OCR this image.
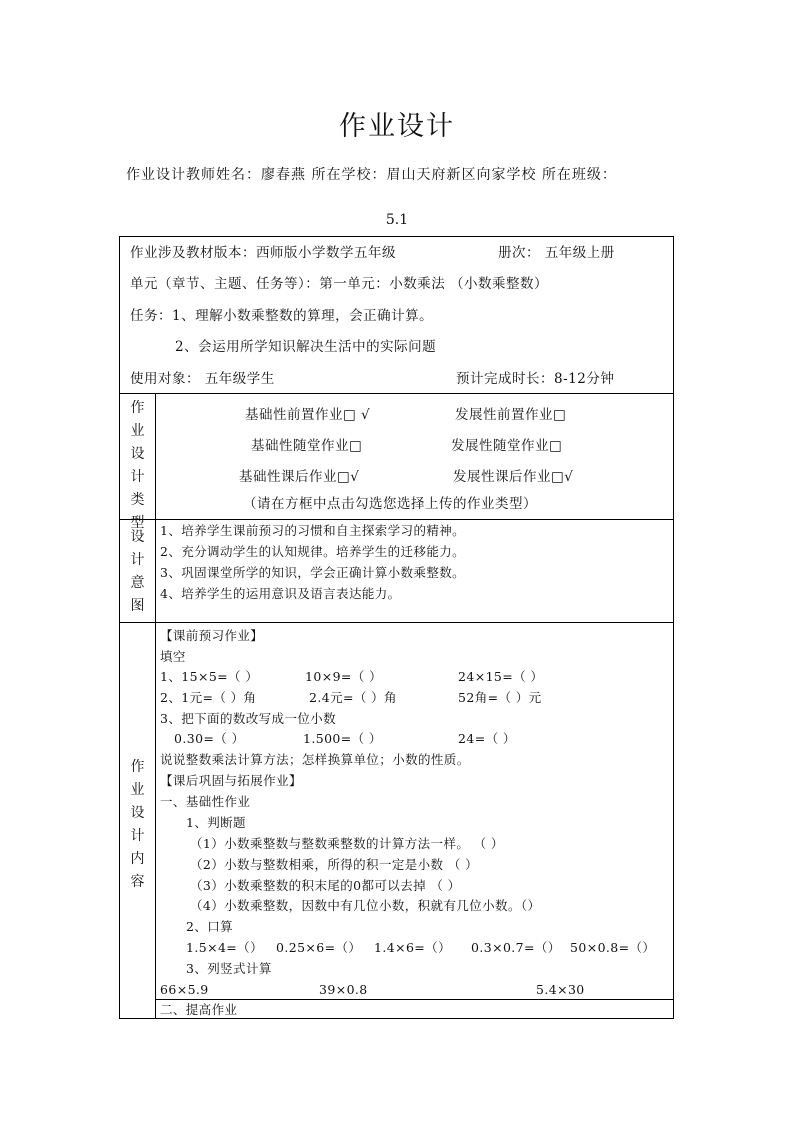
作业设计
作业设计教师姓名：廖春燕 所在学校：眉山天府新区向家学校 所在班级：
5.1
作业涉及教材版本：西师版小学数学五年级	册次： 五年级上册
单元（章节、主题、任务等）：第一单元：小数乘法 （小数乘整数）
任务：1、理解小数乘整数的算理，会正确计算。
2、会运用所学知识解决生活中的实际问题
使用对象： 五年级学生	预计完成时长：8-12分钟
作
业
设
计
类
型
基础性前置作业□ √	发展性前置作业□
基础性随堂作业□	发展性随堂作业□
基础性课后作业□√	发展性课后作业□√
（请在方框中点击勾选您选择上传的作业类型）
设
计
意
图
1、培养学生课前预习的习惯和自主探索学习的精神。
2、充分调动学生的认知规律。培养学生的迁移能力。
3、巩固课堂所学的知识，学会正确计算小数乘整数。
4、培养学生的运用意识及语言表达能力。
作
业
设
计
内
容
【课前预习作业】
填空
1、15×5=（ ）	10×9=（ ）	24×15=（ ）
2、1元=（ ）角	2.4元=（ ）角	52角=（ ）元
3、把下面的数改写成一位小数
0.30=（ ）	1.500=（ ）	24=（ ）
说说整数乘法计算方法；怎样换算单位；小数的性质。
【课后巩固与拓展作业】
一、基础性作业
1、判断题
（1）小数乘整数与整数乘整数的计算方法一样。 （ ）
（2）小数与整数相乘，所得的积一定是小数 （ ）
（3）小数乘整数的积末尾的0都可以去掉 （ ）
（4）小数乘整数，因数中有几位小数，积就有几位小数。（）
2、口算
1.5×4=（） 0.25×6=（） 1.4×6=（） 0.3×0.7=（） 50×0.8=（）
3、列竖式计算
66×5.9	39×0.8	5.4×30
二、提高作业
